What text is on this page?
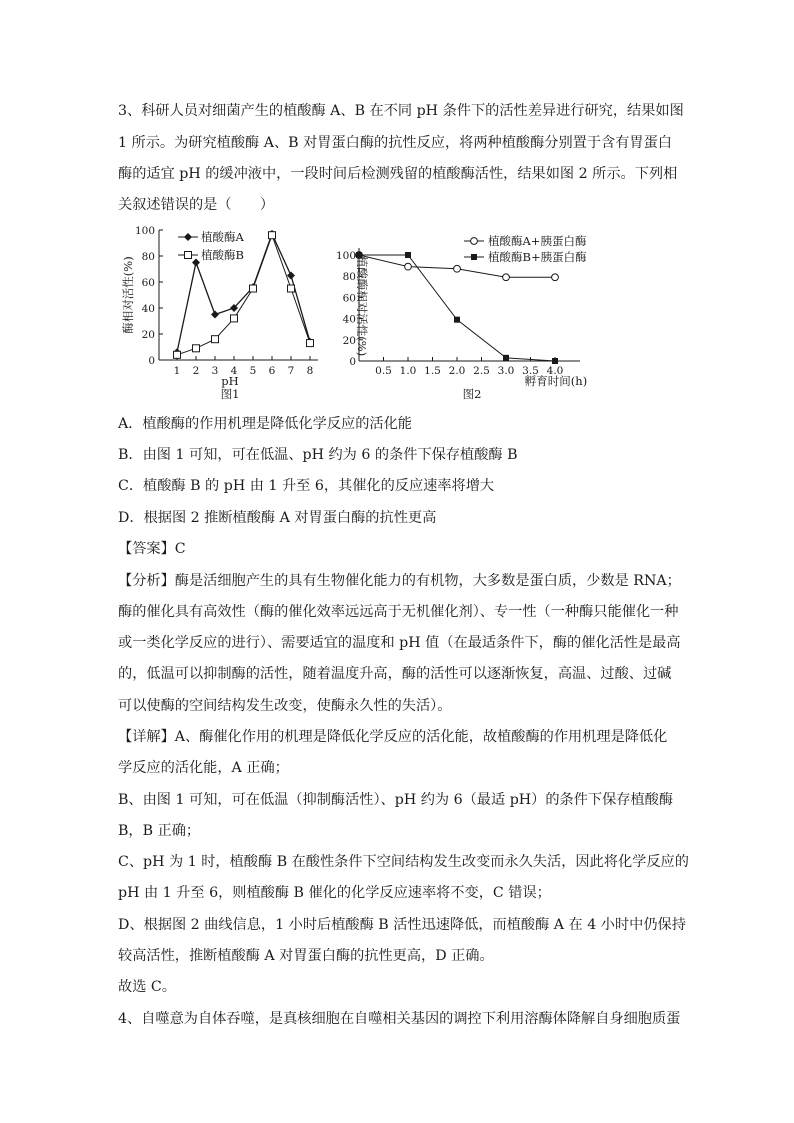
3、科研人员对细菌产生的植酸酶 A、B 在不同 pH 条件下的活性差异进行研究，结果如图
1 所示。为研究植酸酶 A、B 对胃蛋白酶的抗性反应，将两种植酸酶分别置于含有胃蛋白
酶的适宜 pH 的缓冲液中，一段时间后检测残留的植酸酶活性，结果如图 2 所示。下列相
关叙述错误的是（　　）
0
20
40
60
80
100
1 2 3 4 5 6 7 8
酶相对活性(%)
pH
图1
植酸酶A
植酸酶B
0
20
40
60
80
100
0.5 1.0 1.5 2.0 2.5 3.0 3.5 4.0
植酸酶相对活性(%)
孵育时间(h)
图2
植酸酶A+胰蛋白酶
植酸酶B+胰蛋白酶
A．植酸酶的作用机理是降低化学反应的活化能
B．由图 1 可知，可在低温、pH 约为 6 的条件下保存植酸酶 B
C．植酸酶 B 的 pH 由 1 升至 6，其催化的反应速率将增大
D．根据图 2 推断植酸酶 A 对胃蛋白酶的抗性更高
【答案】C
【分析】酶是活细胞产生的具有生物催化能力的有机物，大多数是蛋白质，少数是 RNA；
酶的催化具有高效性（酶的催化效率远远高于无机催化剂）、专一性（一种酶只能催化一种
或一类化学反应的进行）、需要适宜的温度和 pH 值（在最适条件下，酶的催化活性是最高
的，低温可以抑制酶的活性，随着温度升高，酶的活性可以逐渐恢复，高温、过酸、过碱
可以使酶的空间结构发生改变，使酶永久性的失活）。
【详解】A、酶催化作用的机理是降低化学反应的活化能，故植酸酶的作用机理是降低化
学反应的活化能，A 正确；
B、由图 1 可知，可在低温（抑制酶活性）、pH 约为 6（最适 pH）的条件下保存植酸酶
B，B 正确；
C、pH 为 1 时，植酸酶 B 在酸性条件下空间结构发生改变而永久失活，因此将化学反应的
pH 由 1 升至 6，则植酸酶 B 催化的化学反应速率将不变，C 错误；
D、根据图 2 曲线信息，1 小时后植酸酶 B 活性迅速降低，而植酸酶 A 在 4 小时中仍保持
较高活性，推断植酸酶 A 对胃蛋白酶的抗性更高，D 正确。
故选 C。
4、自噬意为自体吞噬，是真核细胞在自噬相关基因的调控下利用溶酶体降解自身细胞质蛋
